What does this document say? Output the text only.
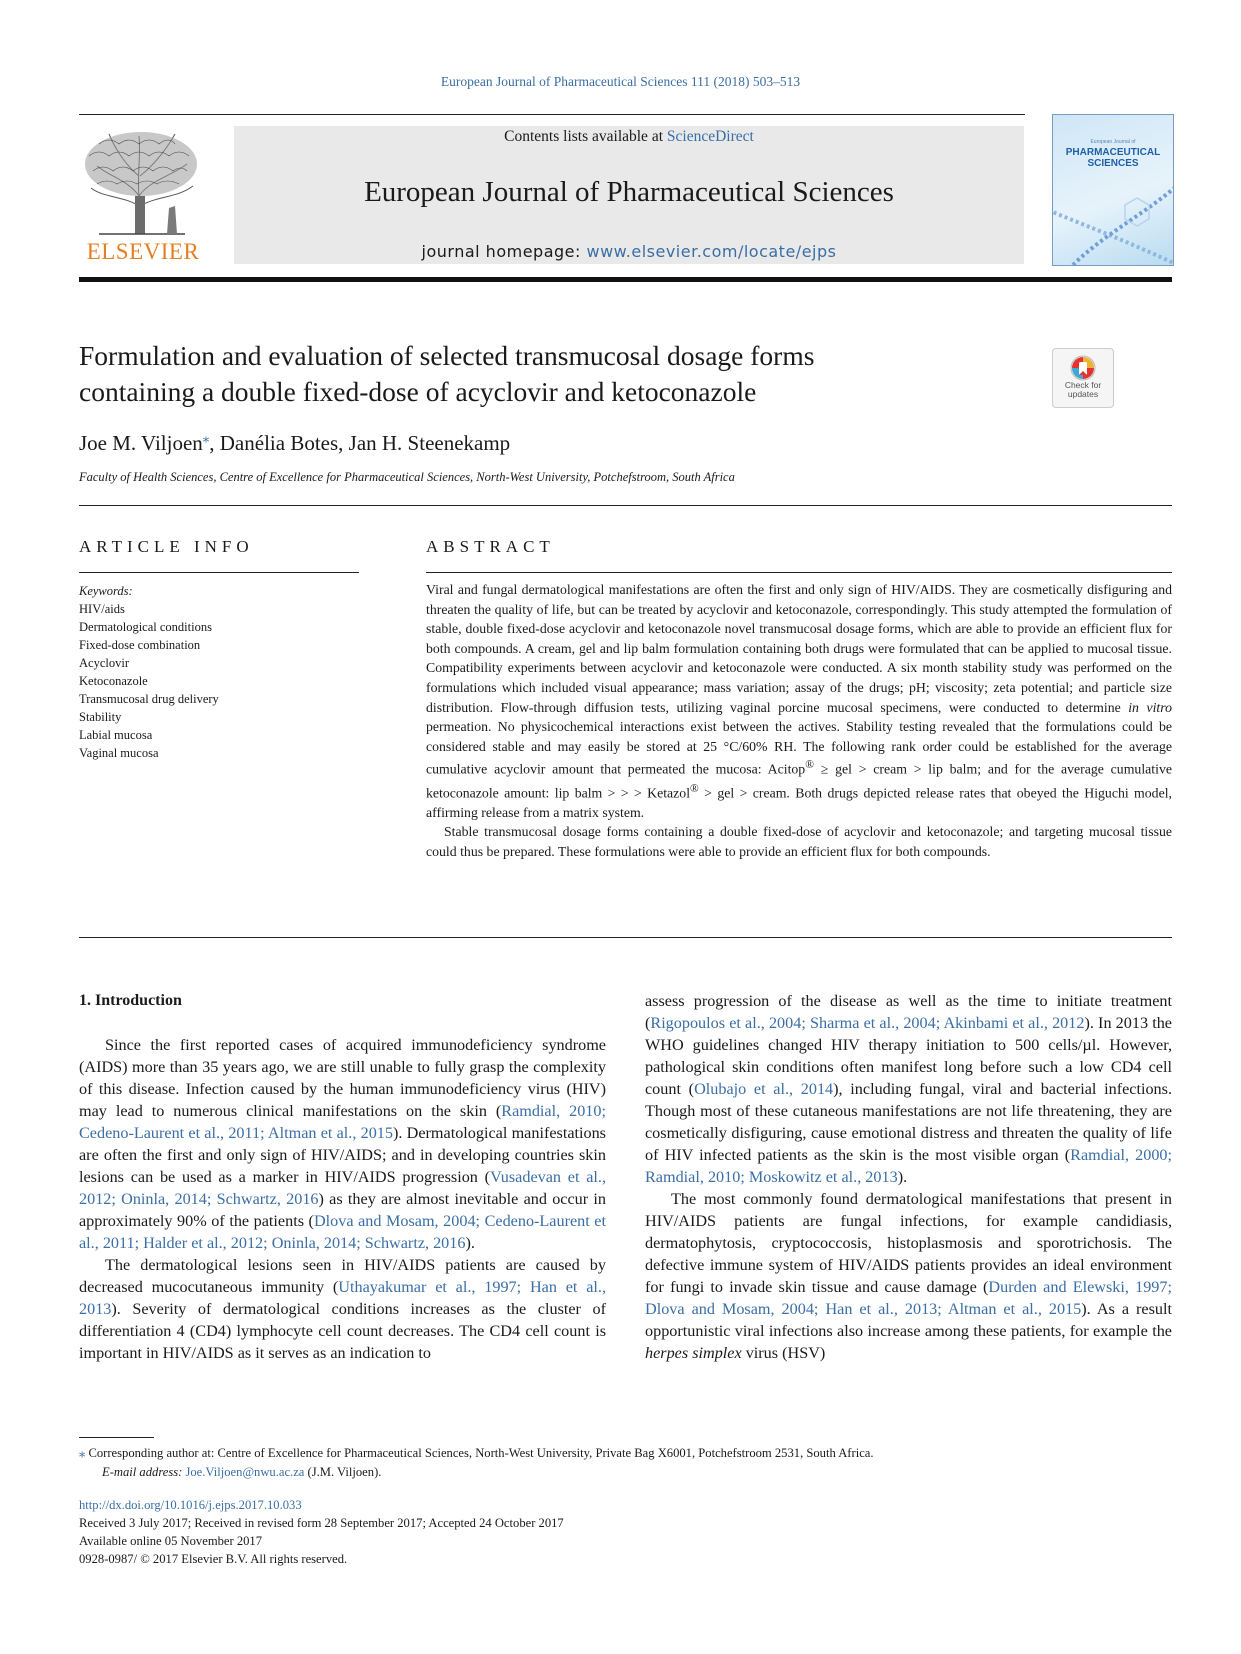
European Journal of Pharmaceutical Sciences 111 (2018) 503–513
ELSEVIER
Contents lists available at ScienceDirect
European Journal of Pharmaceutical Sciences
journal homepage: www.elsevier.com/locate/ejps
European Journal of
PHARMACEUTICAL SCIENCES
Formulation and evaluation of selected transmucosal dosage forms
containing a double fixed-dose of acyclovir and ketoconazole	Check for
updates
Joe M. Viljoen⁎, Danélia Botes, Jan H. Steenekamp
Faculty of Health Sciences, Centre of Excellence for Pharmaceutical Sciences, North-West University, Potchefstroom, South Africa
ARTICLE INFO
Keywords:
HIV/aids
Dermatological conditions
Fixed-dose combination
Acyclovir
Ketoconazole
Transmucosal drug delivery
Stability
Labial mucosa
Vaginal mucosa
ABSTRACT

Viral and fungal dermatological manifestations are often the first and only sign of HIV/AIDS. They are cosmetically disfiguring and threaten the quality of life, but can be treated by acyclovir and ketoconazole, correspondingly. This study attempted the formulation of stable, double fixed-dose acyclovir and ketoconazole novel transmucosal dosage forms, which are able to provide an efficient flux for both compounds. A cream, gel and lip balm formulation containing both drugs were formulated that can be applied to mucosal tissue. Compatibility experiments between acyclovir and ketoconazole were conducted. A six month stability study was performed on the formulations which included visual appearance; mass variation; assay of the drugs; pH; viscosity; zeta potential; and particle size distribution. Flow-through diffusion tests, utilizing vaginal porcine mucosal specimens, were conducted to determine in vitro permeation. No physicochemical interactions exist between the actives. Stability testing revealed that the formulations could be considered stable and may easily be stored at 25 °C/60% RH. The following rank order could be established for the average cumulative acyclovir amount that permeated the mucosa: Acitop® ≥ gel > cream > lip balm; and for the average cumulative ketoconazole amount: lip balm > > > Ketazol® > gel > cream. Both drugs depicted release rates that obeyed the Higuchi model, affirming release from a matrix system.

Stable transmucosal dosage forms containing a double fixed-dose of acyclovir and ketoconazole; and targeting mucosal tissue could thus be prepared. These formulations were able to provide an efficient flux for both compounds.

1. Introduction

Since the first reported cases of acquired immunodeficiency syndrome (AIDS) more than 35 years ago, we are still unable to fully grasp the complexity of this disease. Infection caused by the human immunodeficiency virus (HIV) may lead to numerous clinical manifestations on the skin (Ramdial, 2010; Cedeno-Laurent et al., 2011; Altman et al., 2015). Dermatological manifestations are often the first and only sign of HIV/AIDS; and in developing countries skin lesions can be used as a marker in HIV/AIDS progression (Vusadevan et al., 2012; Oninla, 2014; Schwartz, 2016) as they are almost inevitable and occur in approximately 90% of the patients (Dlova and Mosam, 2004; Cedeno-Laurent et al., 2011; Halder et al., 2012; Oninla, 2014; Schwartz, 2016).

The dermatological lesions seen in HIV/AIDS patients are caused by decreased mucocutaneous immunity (Uthayakumar et al., 1997; Han et al., 2013). Severity of dermatological conditions increases as the cluster of differentiation 4 (CD4) lymphocyte cell count decreases. The CD4 cell count is important in HIV/AIDS as it serves as an indication to

assess progression of the disease as well as the time to initiate treatment (Rigopoulos et al., 2004; Sharma et al., 2004; Akinbami et al., 2012). In 2013 the WHO guidelines changed HIV therapy initiation to 500 cells/µl. However, pathological skin conditions often manifest long before such a low CD4 cell count (Olubajo et al., 2014), including fungal, viral and bacterial infections. Though most of these cutaneous manifestations are not life threatening, they are cosmetically disfiguring, cause emotional distress and threaten the quality of life of HIV infected patients as the skin is the most visible organ (Ramdial, 2000; Ramdial, 2010; Moskowitz et al., 2013).

The most commonly found dermatological manifestations that present in HIV/AIDS patients are fungal infections, for example candidiasis, dermatophytosis, cryptococcosis, histoplasmosis and sporotrichosis. The defective immune system of HIV/AIDS patients provides an ideal environment for fungi to invade skin tissue and cause damage (Durden and Elewski, 1997; Dlova and Mosam, 2004; Han et al., 2013; Altman et al., 2015). As a result opportunistic viral infections also increase among these patients, for example the herpes simplex virus (HSV)

⁎ Corresponding author at: Centre of Excellence for Pharmaceutical Sciences, North-West University, Private Bag X6001, Potchefstroom 2531, South Africa.
E-mail address: Joe.Viljoen@nwu.ac.za (J.M. Viljoen).
http://dx.doi.org/10.1016/j.ejps.2017.10.033
Received 3 July 2017; Received in revised form 28 September 2017; Accepted 24 October 2017
Available online 05 November 2017
0928-0987/ © 2017 Elsevier B.V. All rights reserved.
